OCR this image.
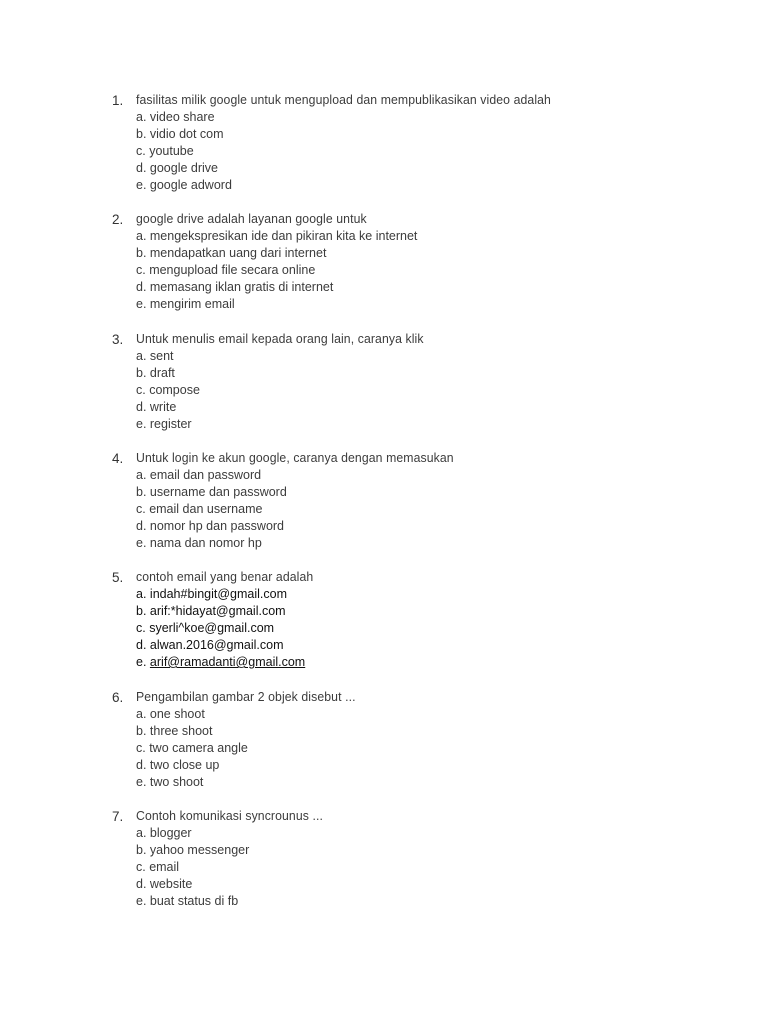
1.	fasilitas milik google untuk mengupload dan mempublikasikan video adalah
a. video share
b. vidio dot com
c. youtube
d. google drive
e. google adword
2.	google drive adalah layanan google untuk
a. mengekspresikan ide dan pikiran kita ke internet
b. mendapatkan uang dari internet
c. mengupload file secara online
d. memasang iklan gratis di internet
e. mengirim email
3.	Untuk menulis email kepada orang lain, caranya klik
a. sent
b. draft
c. compose
d. write
e. register
4.	Untuk login ke akun google, caranya dengan memasukan
a. email dan password
b. username dan password
c. email dan username
d. nomor hp dan password
e. nama dan nomor hp
5.	contoh email yang benar adalah
a. indah#bingit@gmail.com
b. arif:*hidayat@gmail.com
c. syerli^koe@gmail.com
d. alwan.2016@gmail.com
e. arif@ramadanti@gmail.com
6.	Pengambilan gambar 2 objek disebut ...
a. one shoot
b. three shoot
c. two camera angle
d. two close up
e. two shoot
7.	Contoh komunikasi syncrounus ...
a. blogger
b. yahoo messenger
c. email
d. website
e. buat status di fb
